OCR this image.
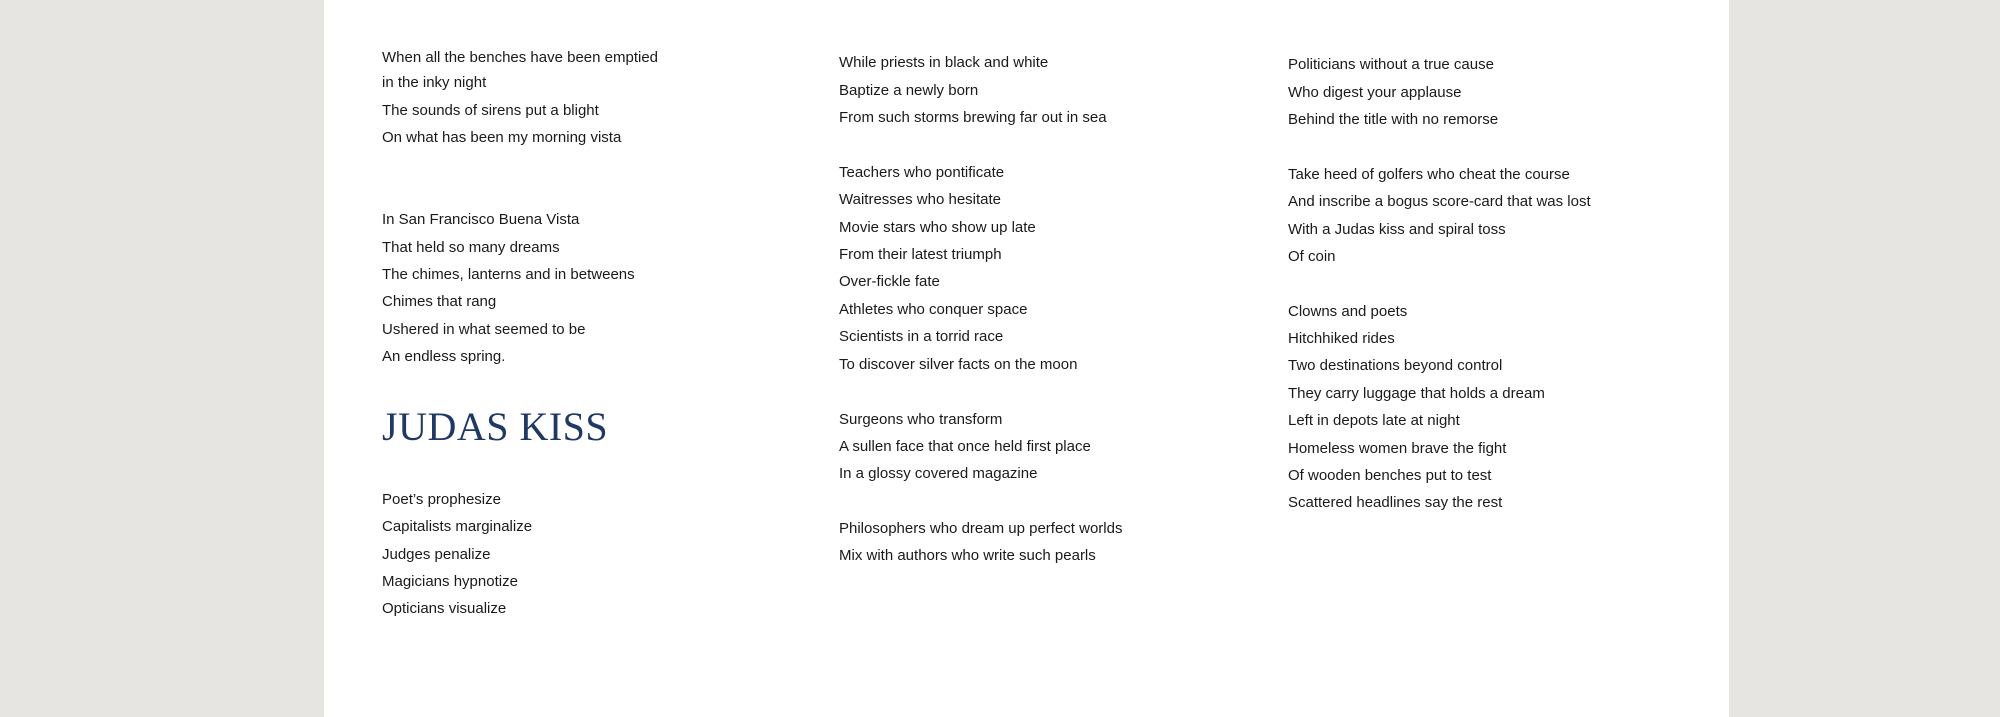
When all the benches have been emptied
in the inky night
The sounds of sirens put a blight
On what has been my morning vista
In San Francisco Buena Vista
That held so many dreams
The chimes, lanterns and in betweens
Chimes that rang
Ushered in what seemed to be
An endless spring.
JUDAS KISS
Poet’s prophesize
Capitalists marginalize
Judges penalize
Magicians hypnotize
Opticians visualize
While priests in black and white
Baptize a newly born
From such storms brewing far out in sea
Teachers who pontificate
Waitresses who hesitate
Movie stars who show up late
From their latest triumph
Over-fickle fate
Athletes who conquer space
Scientists in a torrid race
To discover silver facts on the moon
Surgeons who transform
A sullen face that once held first place
In a glossy covered magazine
Philosophers who dream up perfect worlds
Mix with authors who write such pearls
Politicians without a true cause
Who digest your applause
Behind the title with no remorse
Take heed of golfers who cheat the course
And inscribe a bogus score-card that was lost
With a Judas kiss and spiral toss
Of coin
Clowns and poets
Hitchhiked rides
Two destinations beyond control
They carry luggage that holds a dream
Left in depots late at night
Homeless women brave the fight
Of wooden benches put to test
Scattered headlines say the rest
